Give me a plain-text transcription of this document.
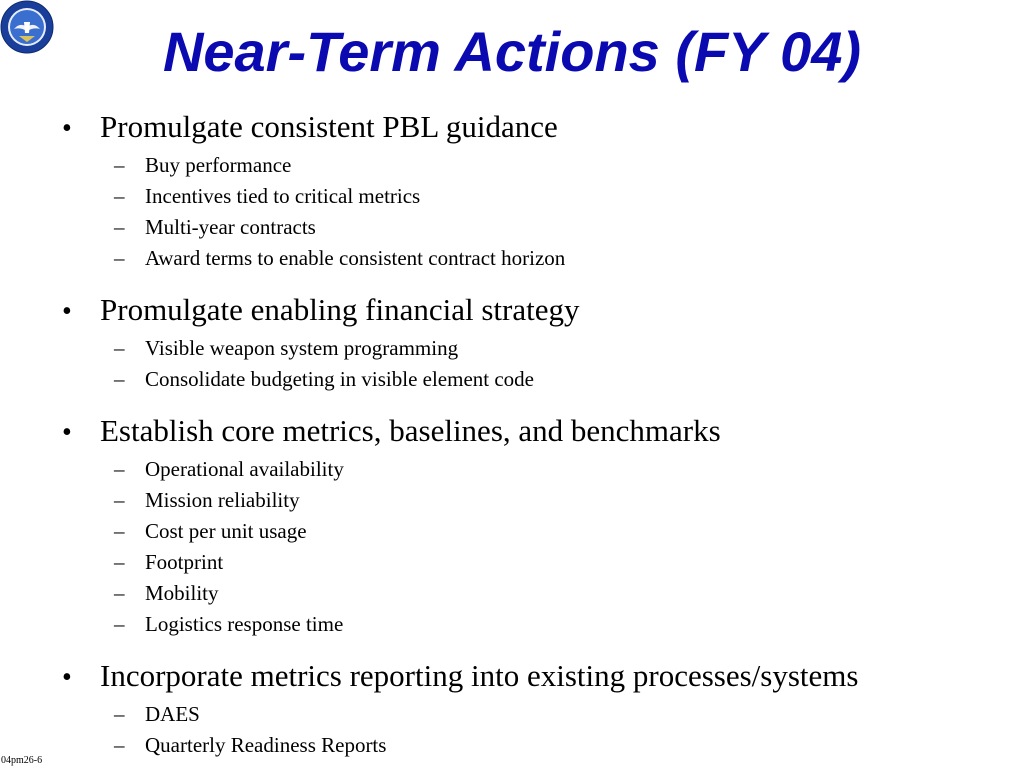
Near-Term Actions (FY 04)
• Promulgate consistent PBL guidance
– Buy performance
– Incentives tied to critical metrics
– Multi-year contracts
– Award terms to enable consistent contract horizon
• Promulgate enabling financial strategy
– Visible weapon system programming
– Consolidate budgeting in visible element code
• Establish core metrics, baselines, and benchmarks
– Operational availability
– Mission reliability
– Cost per unit usage
– Footprint
– Mobility
– Logistics response time
• Incorporate metrics reporting into existing processes/systems
– DAES
– Quarterly Readiness Reports
04pm26-6
